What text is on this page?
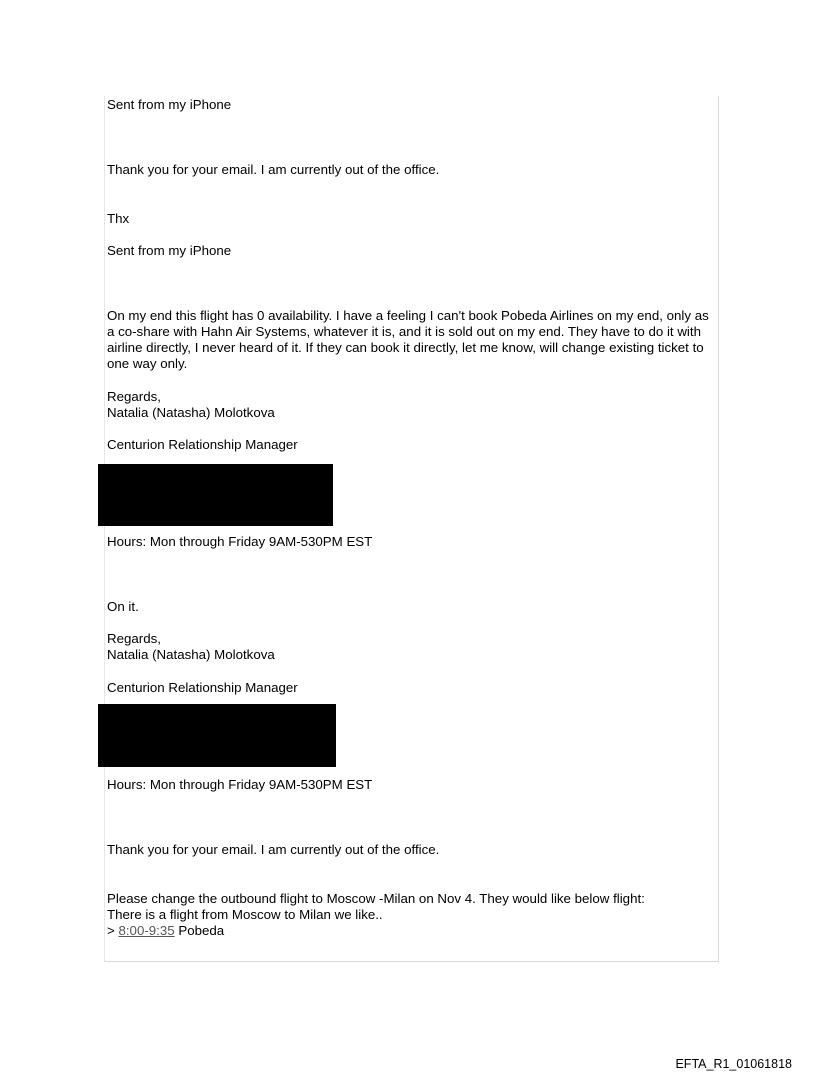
Sent from my iPhone
Thank you for your email. I am currently out of the office.
Thx
Sent from my iPhone
On my end this flight has 0 availability. I have a feeling I can't book Pobeda Airlines on my end, only as a co-share with Hahn Air Systems, whatever it is, and it is sold out on my end. They have to do it with airline directly, I never heard of it. If they can book it directly, let me know, will change existing ticket to one way only.
Regards,
Natalia (Natasha) Molotkova
Centurion Relationship Manager
Hours: Mon through Friday 9AM-530PM EST
On it.
Regards,
Natalia (Natasha) Molotkova
Centurion Relationship Manager
Hours: Mon through Friday 9AM-530PM EST
Thank you for your email. I am currently out of the office.
Please change the outbound flight to Moscow -Milan on Nov 4. They would like below flight:
There is a flight from Moscow to Milan we like..
> 8:00-9:35 Pobeda
EFTA_R1_01061818
